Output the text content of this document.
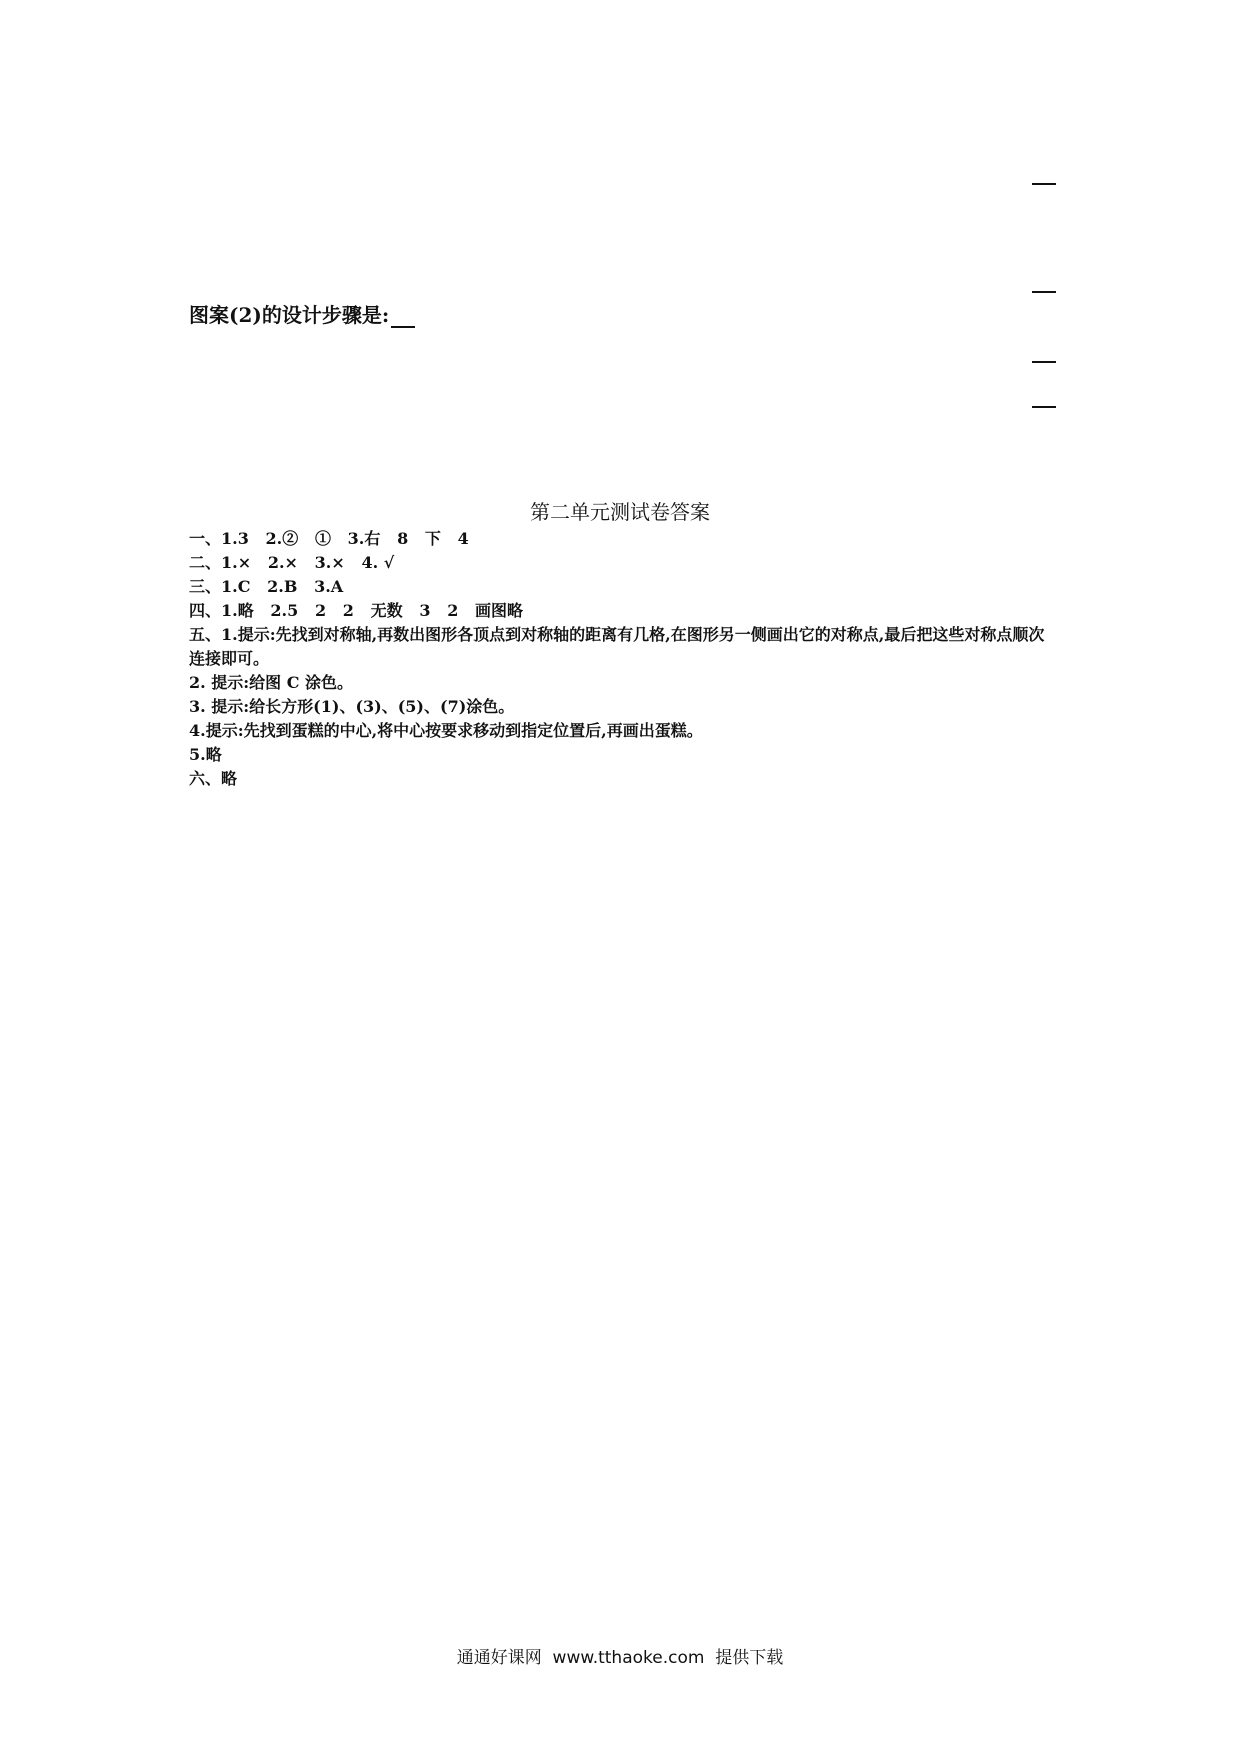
图案(2)的设计步骤是:
第二单元测试卷答案

一、1.3   2.②   ①   3.右   8   下   4

二、1.×   2.×   3.×   4. √

三、1.C   2.B   3.A

四、1.略   2.5   2   2   无数   3   2   画图略

五、1.提示:先找到对称轴,再数出图形各顶点到对称轴的距离有几格,在图形另一侧画出它的对称点,最后把这些对称点顺次连接即可。

2. 提示:给图 C 涂色。

3. 提示:给长方形(1)、(3)、(5)、(7)涂色。

4.提示:先找到蛋糕的中心,将中心按要求移动到指定位置后,再画出蛋糕。

5.略

六、略

通通好课网  www.tthaoke.com  提供下载
